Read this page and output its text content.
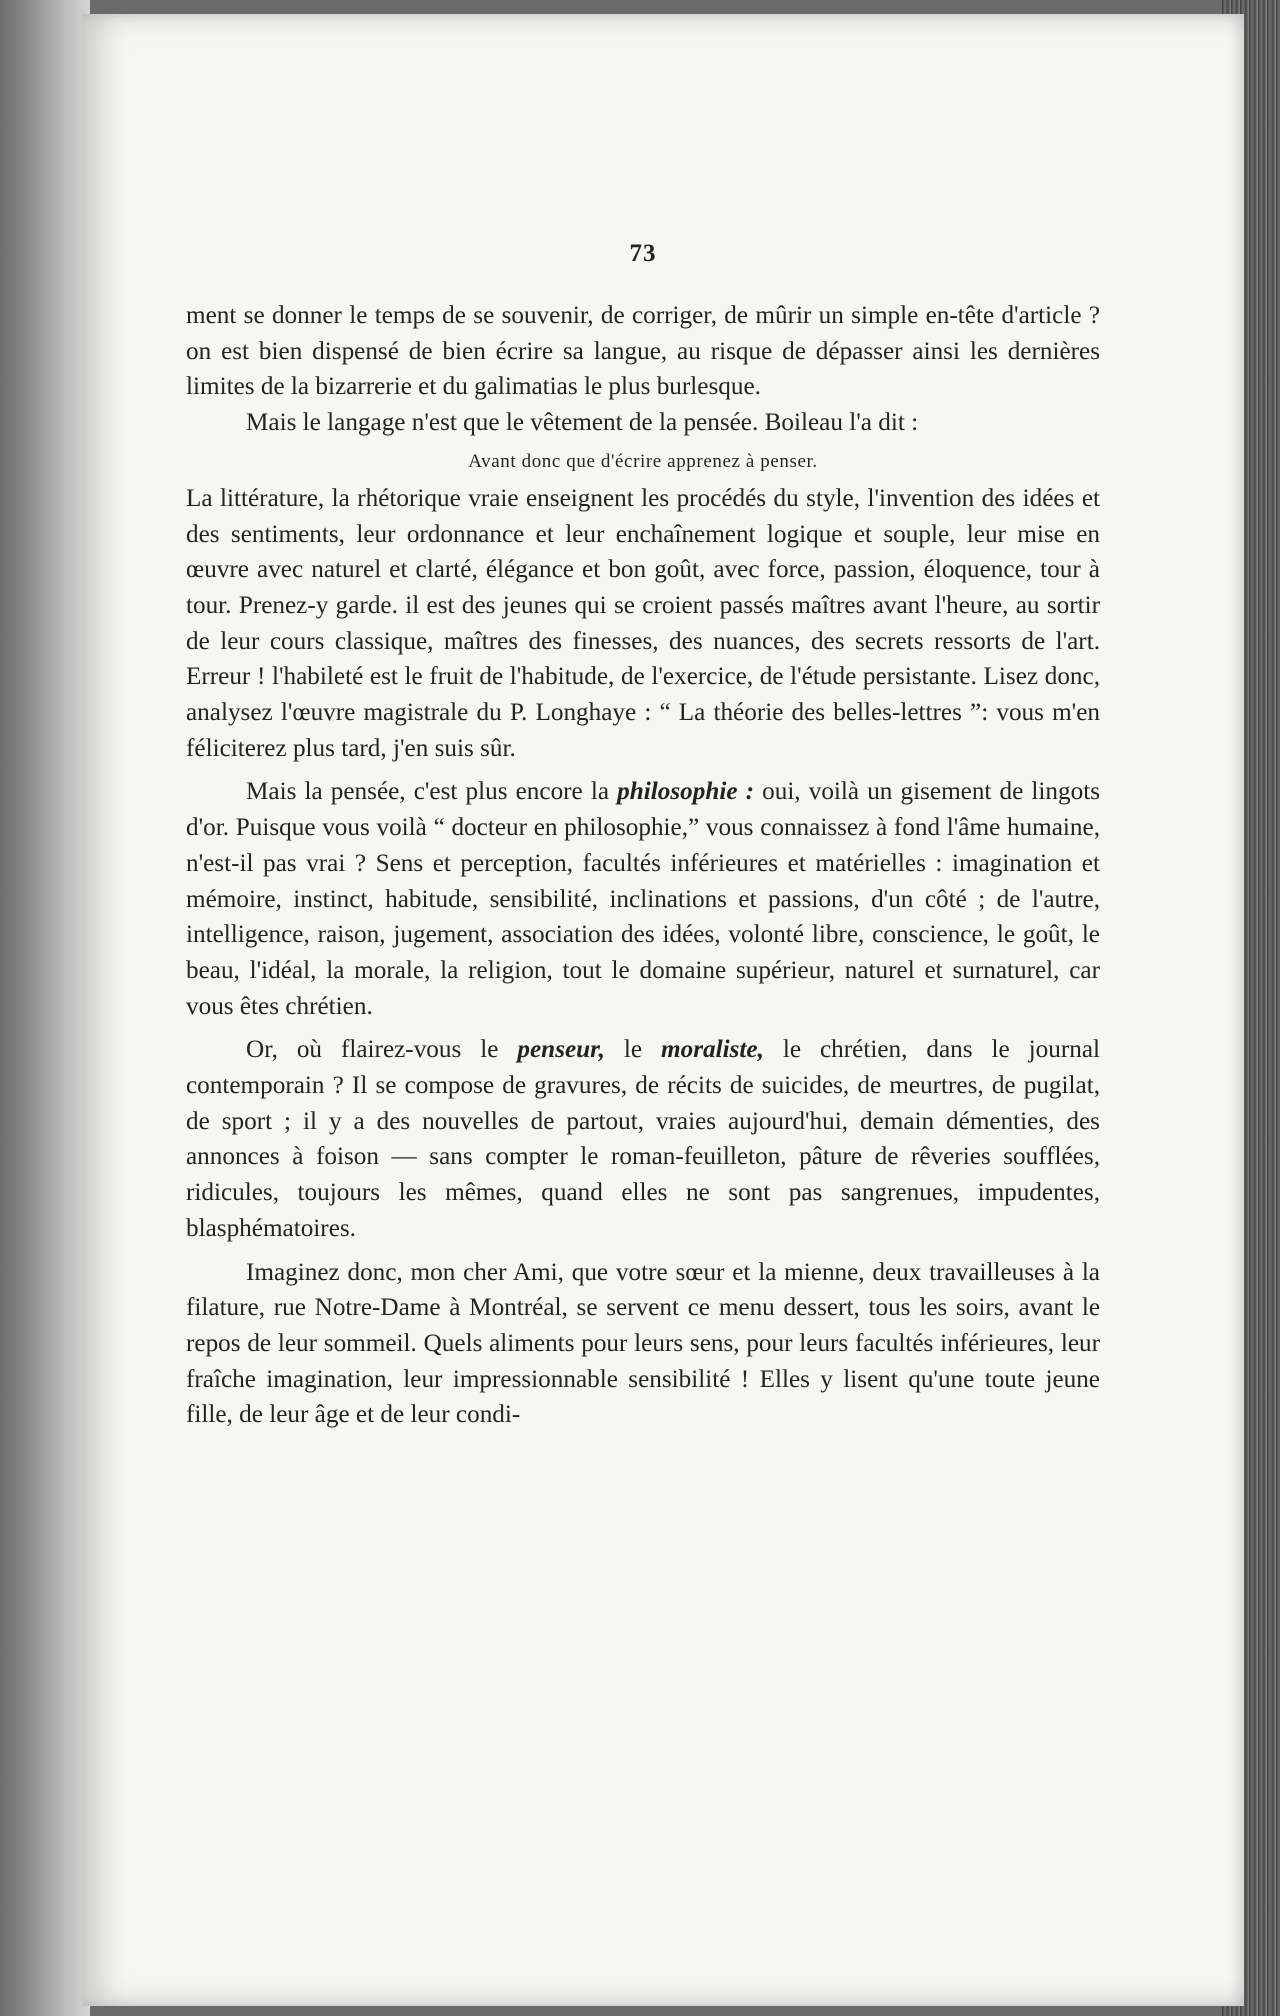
73

ment se donner le temps de se souvenir, de corriger, de mûrir un simple en-tête d'article ? on est bien dispensé de bien écrire sa langue, au risque de dépasser ainsi les dernières limites de la bizarrerie et du galimatias le plus burlesque.

Mais le langage n'est que le vêtement de la pensée. Boileau l'a dit :

Avant donc que d'écrire apprenez à penser.

La littérature, la rhétorique vraie enseignent les procédés du style, l'invention des idées et des sentiments, leur ordonnance et leur enchaînement logique et souple, leur mise en œuvre avec naturel et clarté, élégance et bon goût, avec force, passion, éloquence, tour à tour. Prenez-y garde. il est des jeunes qui se croient passés maîtres avant l'heure, au sortir de leur cours classique, maîtres des finesses, des nuances, des secrets ressorts de l'art. Erreur ! l'habileté est le fruit de l'habitude, de l'exercice, de l'étude persistante. Lisez donc, analysez l'œuvre magistrale du P. Longhaye : “ La théorie des belles-lettres ”: vous m'en féliciterez plus tard, j'en suis sûr.

Mais la pensée, c'est plus encore la philosophie : oui, voilà un gisement de lingots d'or. Puisque vous voilà “ docteur en philosophie,” vous connaissez à fond l'âme humaine, n'est-il pas vrai ? Sens et perception, facultés inférieures et matérielles : imagination et mémoire, instinct, habitude, sensibilité, inclinations et passions, d'un côté ; de l'autre, intelligence, raison, jugement, association des idées, volonté libre, conscience, le goût, le beau, l'idéal, la morale, la religion, tout le domaine supérieur, naturel et surnaturel, car vous êtes chrétien.

Or, où flairez-vous le penseur, le moraliste, le chrétien, dans le journal contemporain ? Il se compose de gravures, de récits de suicides, de meurtres, de pugilat, de sport ; il y a des nouvelles de partout, vraies aujourd'hui, demain démenties, des annonces à foison — sans compter le roman-feuilleton, pâture de rêveries soufflées, ridicules, toujours les mêmes, quand elles ne sont pas sangrenues, impudentes, blasphématoires.

Imaginez donc, mon cher Ami, que votre sœur et la mienne, deux travailleuses à la filature, rue Notre-Dame à Montréal, se servent ce menu dessert, tous les soirs, avant le repos de leur sommeil. Quels aliments pour leurs sens, pour leurs facultés inférieures, leur fraîche imagination, leur impressionnable sensibilité ! Elles y lisent qu'une toute jeune fille, de leur âge et de leur condi-
